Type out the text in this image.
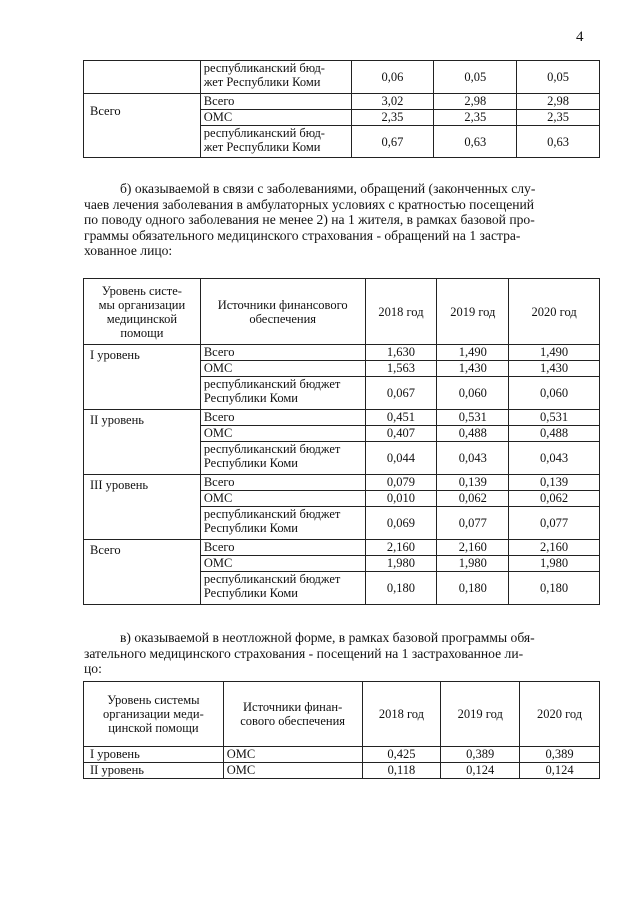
4
	республиканский бюд-
жет Республики Коми	0,06	0,05	0,05
Всего	Всего	3,02	2,98	2,98
	ОМС	2,35	2,35	2,35
	республиканский бюд-
жет Республики Коми	0,67	0,63	0,63
б) оказываемой в связи с заболеваниями, обращений (законченных слу-
чаев лечения заболевания в амбулаторных условиях с кратностью посещений
по поводу одного заболевания не менее 2) на 1 жителя, в рамках базовой про-
граммы обязательного медицинского страхования - обращений на 1 застра-
хованное лицо:
Уровень систе-
мы организации
медицинской
помощи	Источники финансового
обеспечения	2018 год	2019 год	2020 год
I уровень	Всего	1,630	1,490	1,490
	ОМС	1,563	1,430	1,430
	республиканский бюджет
Республики Коми	0,067	0,060	0,060
II уровень	Всего	0,451	0,531	0,531
	ОМС	0,407	0,488	0,488
	республиканский бюджет
Республики Коми	0,044	0,043	0,043
III уровень	Всего	0,079	0,139	0,139
	ОМС	0,010	0,062	0,062
	республиканский бюджет
Республики Коми	0,069	0,077	0,077
Всего	Всего	2,160	2,160	2,160
	ОМС	1,980	1,980	1,980
	республиканский бюджет
Республики Коми	0,180	0,180	0,180
в) оказываемой в неотложной форме, в рамках базовой программы обя-
зательного медицинского страхования - посещений на 1 застрахованное ли-
цо:
Уровень системы
организации меди-
цинской помощи	Источники финан-
сового обеспечения	2018 год	2019 год	2020 год
I уровень	ОМС	0,425	0,389	0,389
II уровень	ОМС	0,118	0,124	0,124
